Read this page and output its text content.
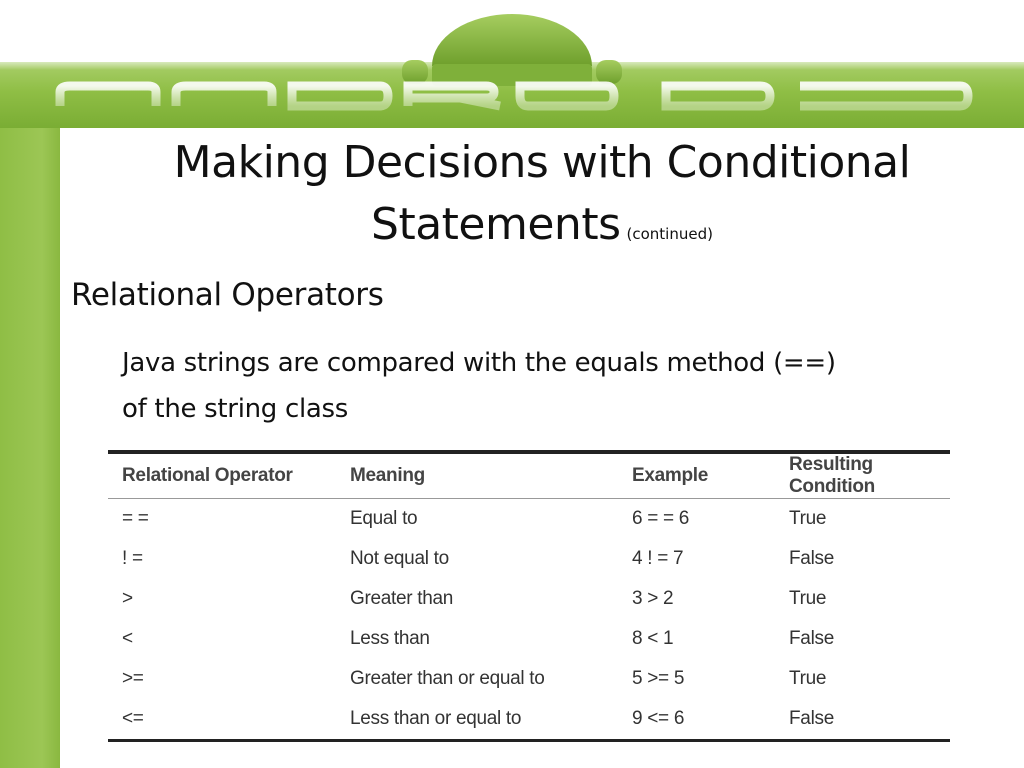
Making Decisions with Conditional
Statements (continued)
Relational Operators
Java strings are compared with the equals method (==)
of the string class
Relational Operator	Meaning	Example	Resulting Condition
= =	Equal to	6 = = 6	True
! =	Not equal to	4 ! = 7	False
>	Greater than	3 > 2	True
<	Less than	8 < 1	False
>=	Greater than or equal to	5 >= 5	True
<=	Less than or equal to	9 <= 6	False
